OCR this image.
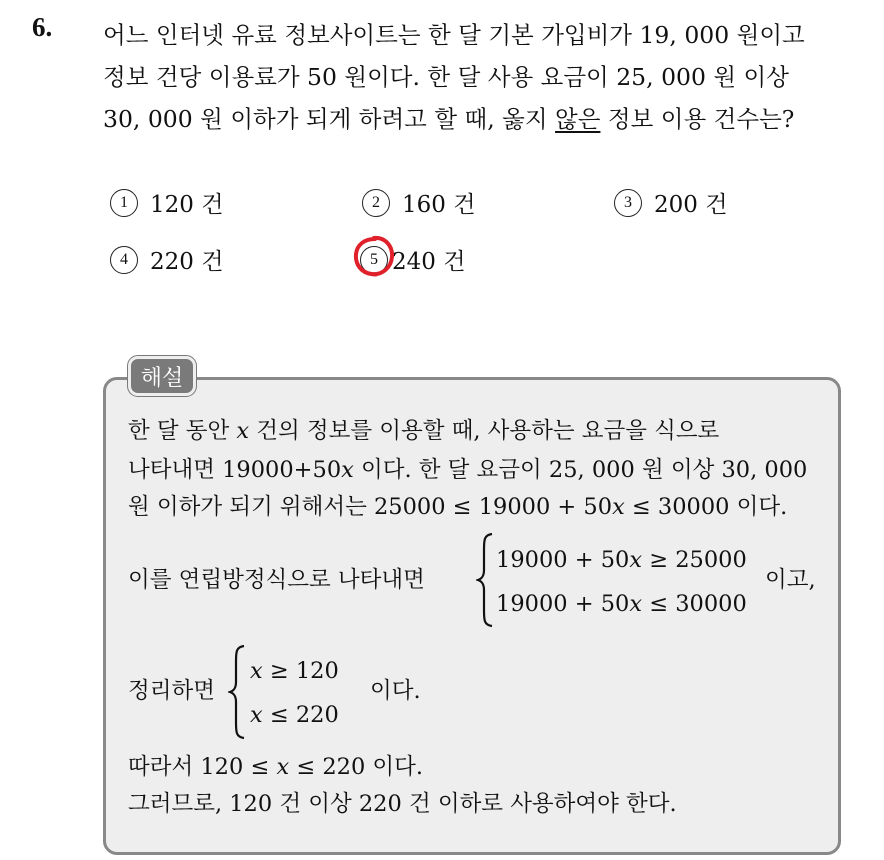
6. 어느 인터넷 유료 정보사이트는 한 달 기본 가입비가 19, 000 원이고
정보 건당 이용료가 50 원이다. 한 달 사용 요금이 25, 000 원 이상
30, 000 원 이하가 되게 하려고 할 때, 옳지 않은 정보 이용 건수는?
1 120 건	2 160 건	3 200 건
4 220 건	5 240 건
해설
한 달 동안 x 건의 정보를 이용할 때, 사용하는 요금을 식으로
나타내면 19000+50x 이다. 한 달 요금이 25, 000 원 이상 30, 000
원 이하가 되기 위해서는 25000 ≤ 19000 + 50x ≤ 30000 이다.
이를 연립방정식으로 나타내면
19000 + 50x ≥ 25000
19000 + 50x ≤ 30000
이고,
정리하면
x ≥ 120
x ≤ 220
이다.
따라서 120 ≤ x ≤ 220 이다.
그러므로, 120 건 이상 220 건 이하로 사용하여야 한다.
